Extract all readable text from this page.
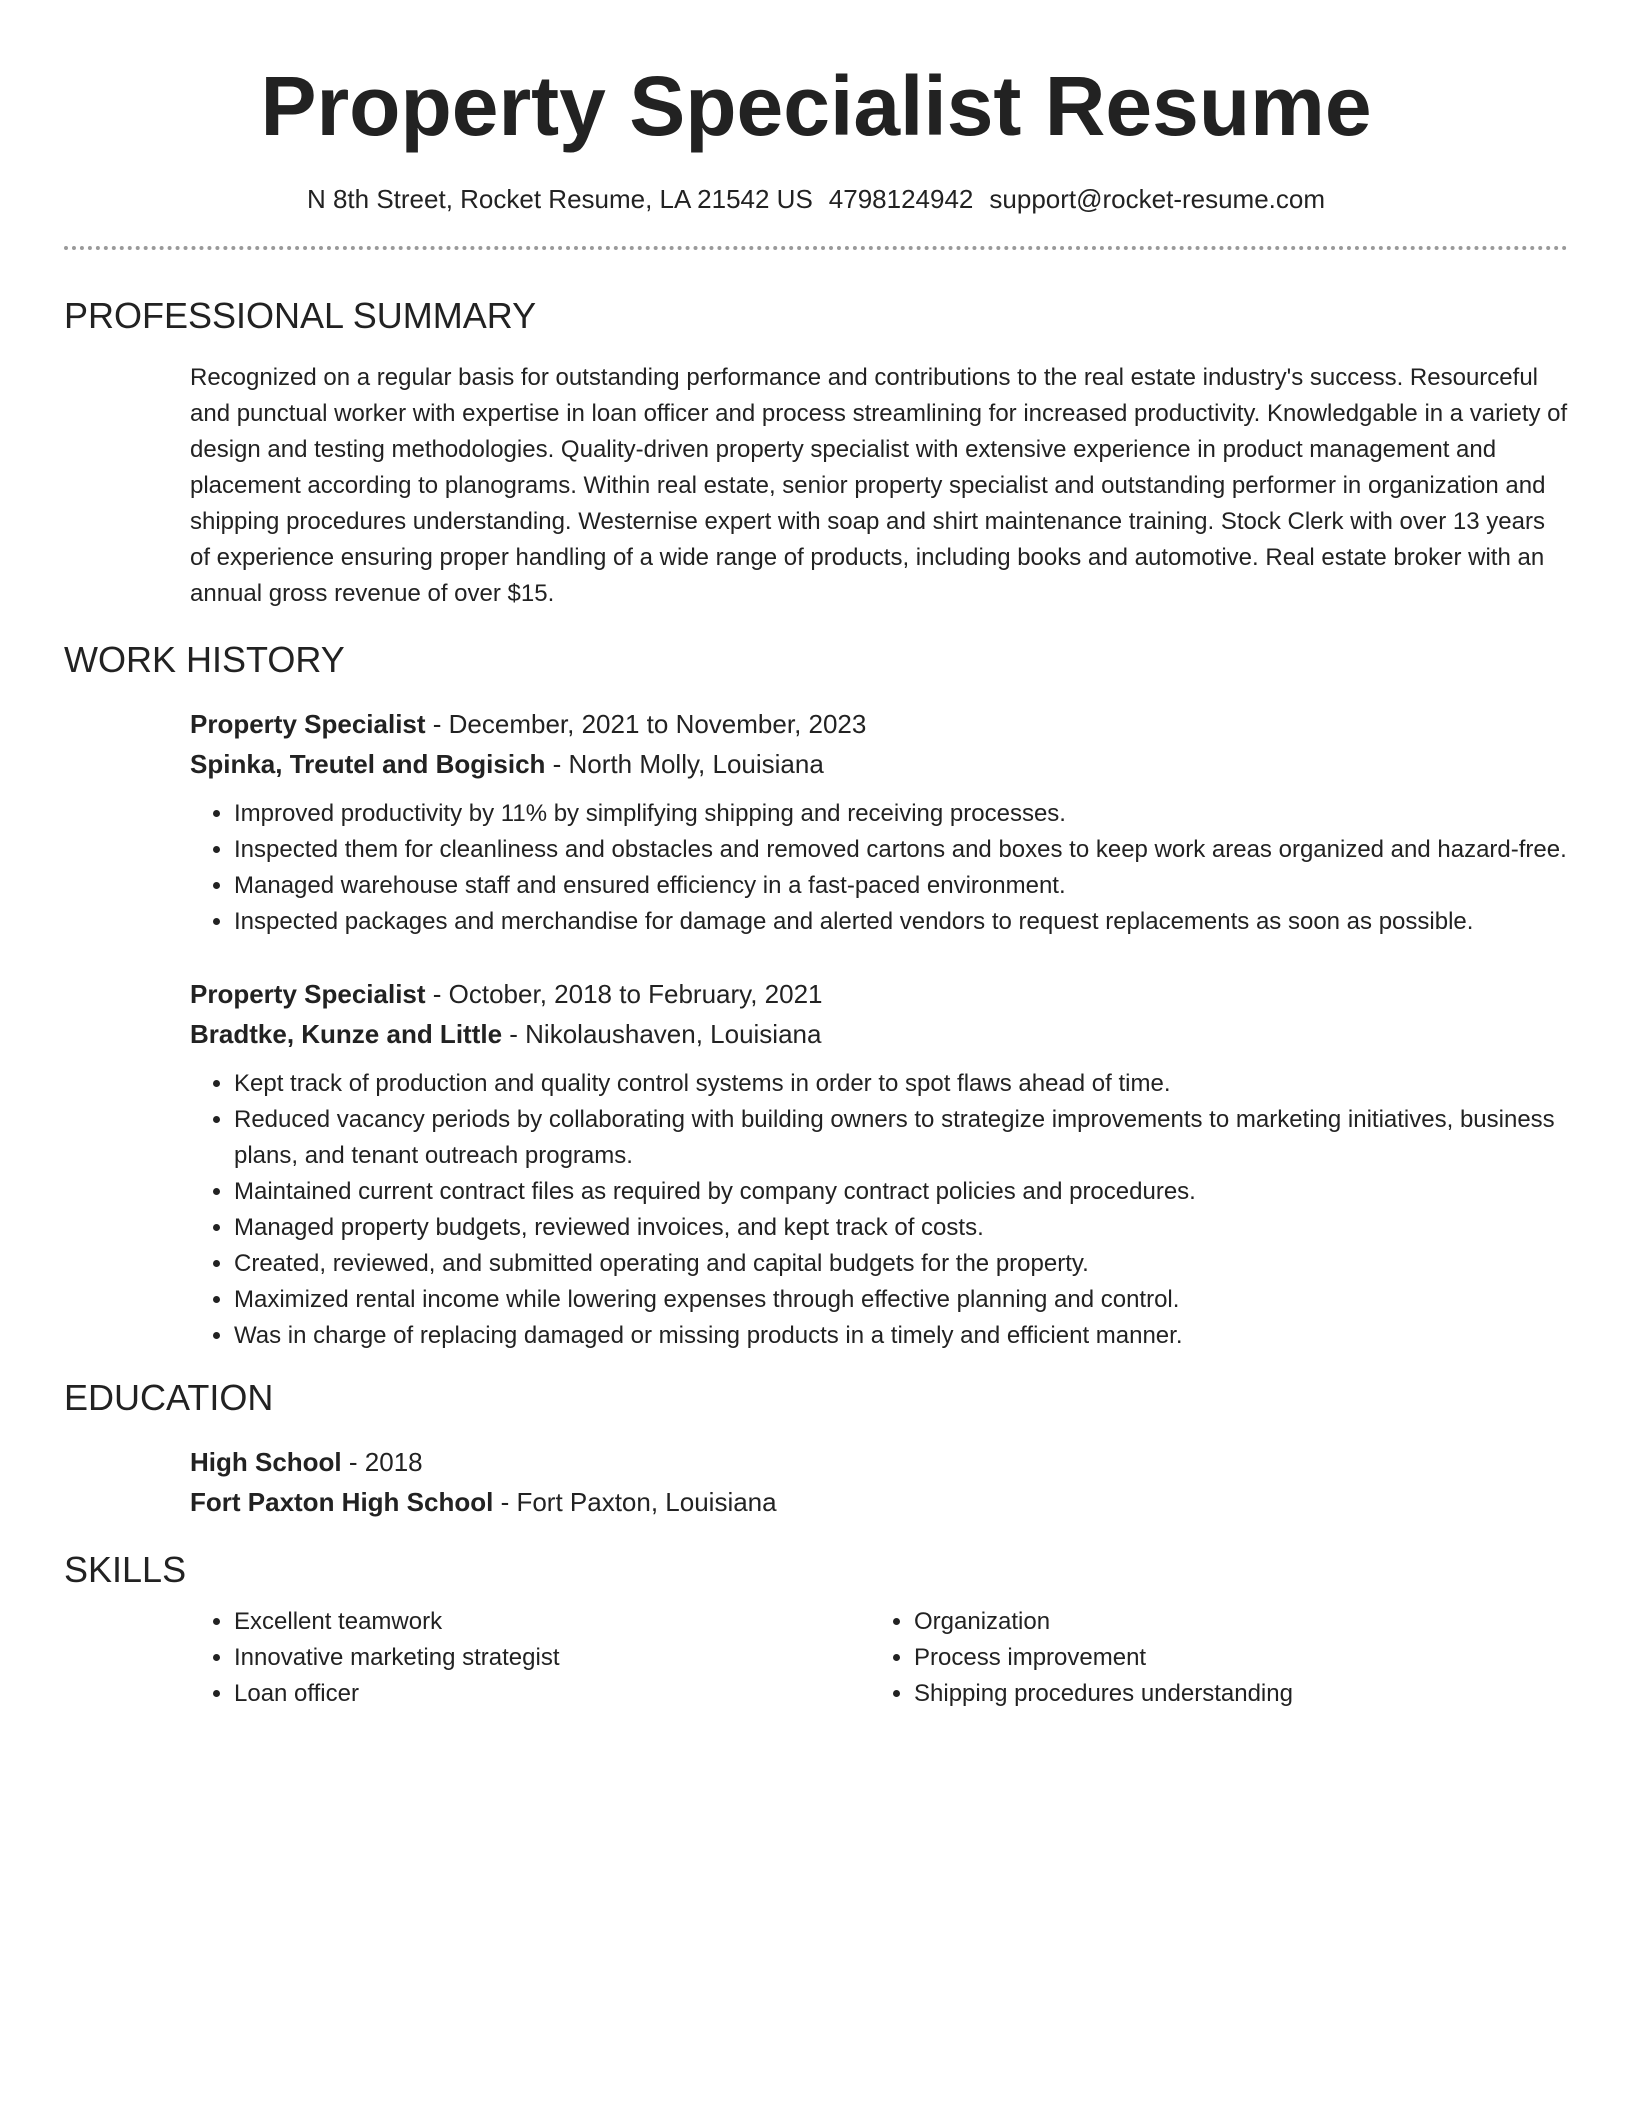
Property Specialist Resume
N 8th Street, Rocket Resume, LA 21542 US 4798124942 support@rocket-resume.com
PROFESSIONAL SUMMARY
Recognized on a regular basis for outstanding performance and contributions to the real estate industry's success. Resourceful and punctual worker with expertise in loan officer and process streamlining for increased productivity. Knowledgable in a variety of design and testing methodologies. Quality-driven property specialist with extensive experience in product management and placement according to planograms. Within real estate, senior property specialist and outstanding performer in organization and shipping procedures understanding. Westernise expert with soap and shirt maintenance training. Stock Clerk with over 13 years of experience ensuring proper handling of a wide range of products, including books and automotive. Real estate broker with an annual gross revenue of over $15.
WORK HISTORY
Property Specialist - December, 2021 to November, 2023
Spinka, Treutel and Bogisich - North Molly, Louisiana
• Improved productivity by 11% by simplifying shipping and receiving processes.
• Inspected them for cleanliness and obstacles and removed cartons and boxes to keep work areas organized and hazard-free.
• Managed warehouse staff and ensured efficiency in a fast-paced environment.
• Inspected packages and merchandise for damage and alerted vendors to request replacements as soon as possible.
Property Specialist - October, 2018 to February, 2021
Bradtke, Kunze and Little - Nikolaushaven, Louisiana
• Kept track of production and quality control systems in order to spot flaws ahead of time.
• Reduced vacancy periods by collaborating with building owners to strategize improvements to marketing initiatives, business plans, and tenant outreach programs.
• Maintained current contract files as required by company contract policies and procedures.
• Managed property budgets, reviewed invoices, and kept track of costs.
• Created, reviewed, and submitted operating and capital budgets for the property.
• Maximized rental income while lowering expenses through effective planning and control.
• Was in charge of replacing damaged or missing products in a timely and efficient manner.
EDUCATION
High School - 2018
Fort Paxton High School - Fort Paxton, Louisiana
SKILLS
• Excellent teamwork
• Innovative marketing strategist
• Loan officer
• Organization
• Process improvement
• Shipping procedures understanding
